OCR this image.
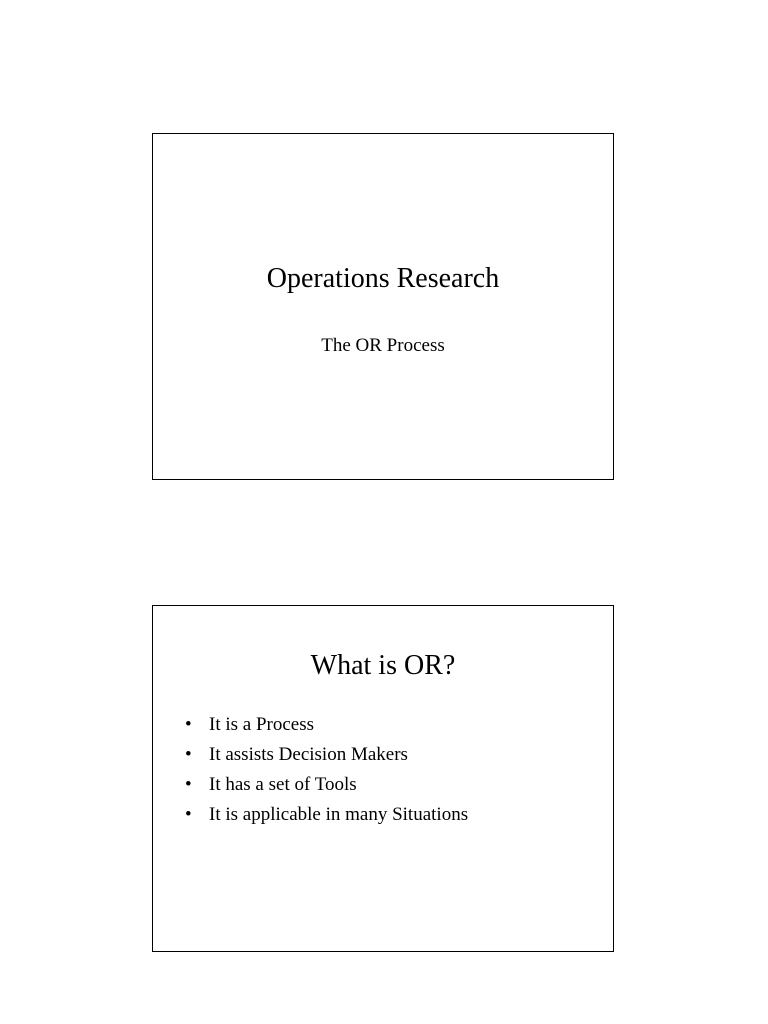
Operations Research
The OR Process
What is OR?
• It is a Process
• It assists Decision Makers
• It has a set of Tools
• It is applicable in many Situations
